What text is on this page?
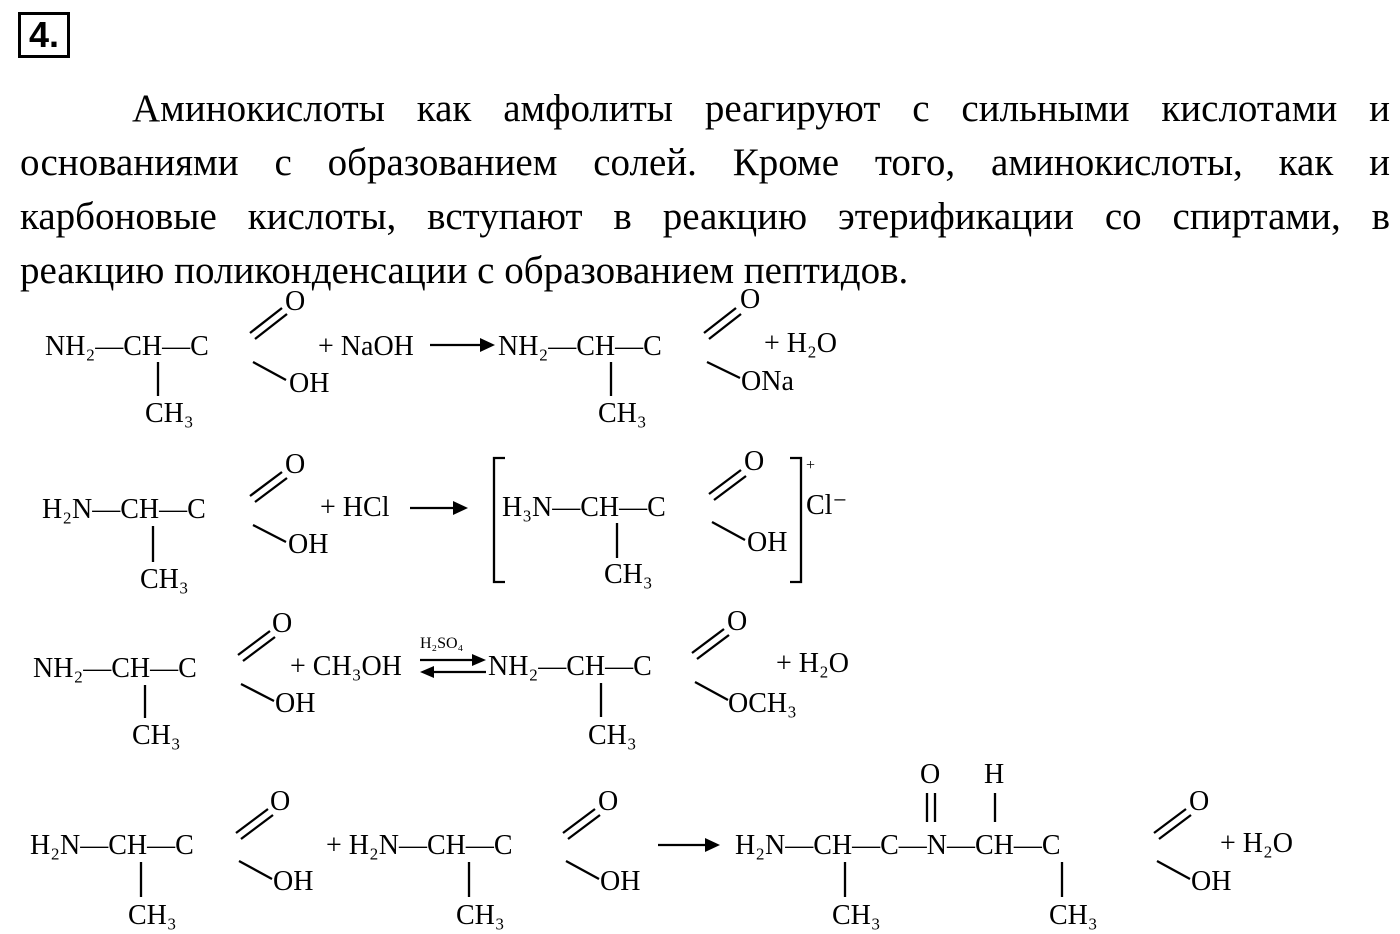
4.
Аминокислоты как амфолиты реагируют с сильными кислотами и
основаниями с образованием солей. Кроме того, аминокислоты, как и
карбоновые кислоты, вступают в реакцию этерификации со спиртами, в
реакцию поликонденсации с образованием пептидов.
NH₂—CH—C
O
OH
CH₃
+ NaOH	NH₂—CH—C
O
ONa
CH₃
+ H₂O
H₂N—CH—C
O
OH
CH₃
+ HCl	H₃N—CH—C
O
OH
CH₃
+
Cl⁻
NH₂—CH—C
O
OH
CH₃
+ CH₃OH
H₂SO₄
NH₂—CH—C
O
OCH₃
CH₃
+ H₂O
H₂N—CH—C
O
OH
CH₃
+ H₂N—CH—C
O
OH
CH₃
H₂N—CH—C—N—CH—C
O H
O
OH
CH₃	CH₃
+ H₂O
